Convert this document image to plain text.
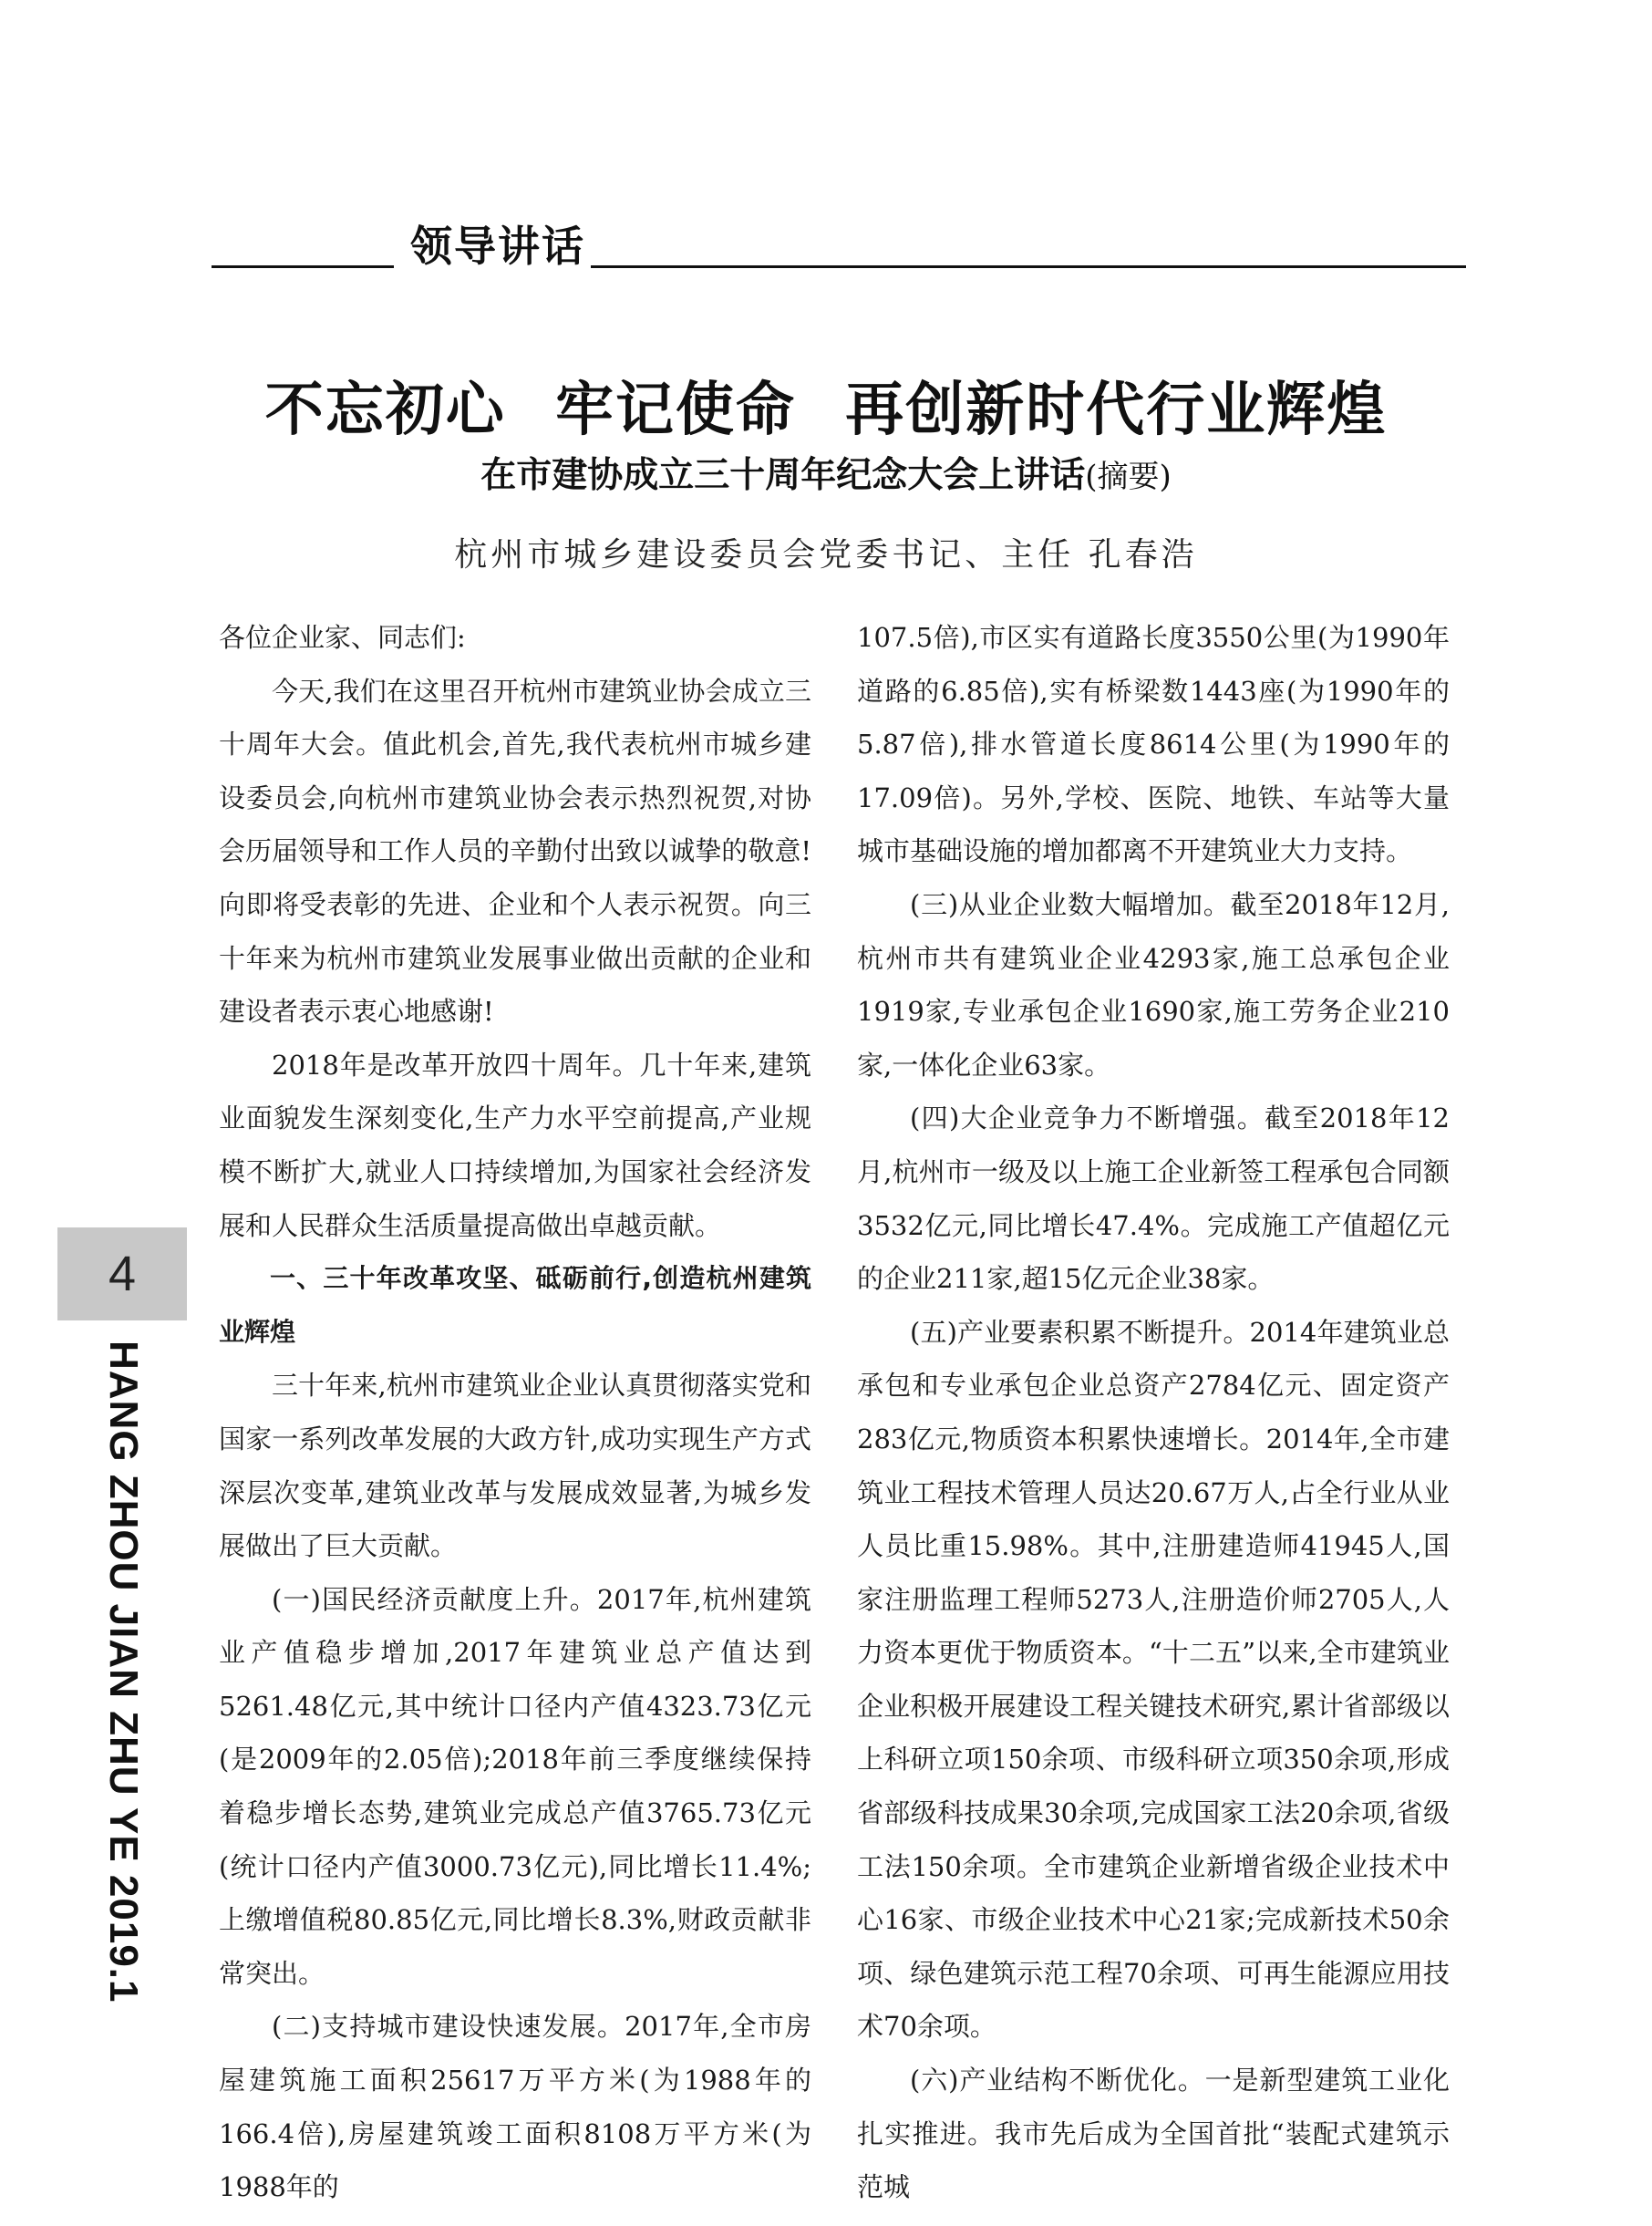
领导讲话
不忘初心 牢记使命 再创新时代行业辉煌
在市建协成立三十周年纪念大会上讲话(摘要)
杭州市城乡建设委员会党委书记、主任 孔春浩

各位企业家、同志们:

今天,我们在这里召开杭州市建筑业协会成立三十周年大会。值此机会,首先,我代表杭州市城乡建设委员会,向杭州市建筑业协会表示热烈祝贺,对协会历届领导和工作人员的辛勤付出致以诚挚的敬意!向即将受表彰的先进、企业和个人表示祝贺。向三十年来为杭州市建筑业发展事业做出贡献的企业和建设者表示衷心地感谢!

2018年是改革开放四十周年。几十年来,建筑业面貌发生深刻变化,生产力水平空前提高,产业规模不断扩大,就业人口持续增加,为国家社会经济发展和人民群众生活质量提高做出卓越贡献。

一、三十年改革攻坚、砥砺前行,创造杭州建筑业辉煌

三十年来,杭州市建筑业企业认真贯彻落实党和国家一系列改革发展的大政方针,成功实现生产方式深层次变革,建筑业改革与发展成效显著,为城乡发展做出了巨大贡献。

(一)国民经济贡献度上升。2017年,杭州建筑业产值稳步增加,2017年建筑业总产值达到5261.48亿元,其中统计口径内产值4323.73亿元(是2009年的2.05倍);2018年前三季度继续保持着稳步增长态势,建筑业完成总产值3765.73亿元(统计口径内产值3000.73亿元),同比增长11.4%;上缴增值税80.85亿元,同比增长8.3%,财政贡献非常突出。

(二)支持城市建设快速发展。2017年,全市房屋建筑施工面积25617万平方米(为1988年的166.4倍),房屋建筑竣工面积8108万平方米(为1988年的

107.5倍),市区实有道路长度3550公里(为1990年道路的6.85倍),实有桥梁数1443座(为1990年的5.87倍),排水管道长度8614公里(为1990年的17.09倍)。另外,学校、医院、地铁、车站等大量城市基础设施的增加都离不开建筑业大力支持。

(三)从业企业数大幅增加。截至2018年12月,杭州市共有建筑业企业4293家,施工总承包企业1919家,专业承包企业1690家,施工劳务企业210家,一体化企业63家。

(四)大企业竞争力不断增强。截至2018年12月,杭州市一级及以上施工企业新签工程承包合同额3532亿元,同比增长47.4%。完成施工产值超亿元的企业211家,超15亿元企业38家。

(五)产业要素积累不断提升。2014年建筑业总承包和专业承包企业总资产2784亿元、固定资产283亿元,物质资本积累快速增长。2014年,全市建筑业工程技术管理人员达20.67万人,占全行业从业人员比重15.98%。其中,注册建造师41945人,国家注册监理工程师5273人,注册造价师2705人,人力资本更优于物质资本。“十二五”以来,全市建筑业企业积极开展建设工程关键技术研究,累计省部级以上科研立项150余项、市级科研立项350余项,形成省部级科技成果30余项,完成国家工法20余项,省级工法150余项。全市建筑企业新增省级企业技术中心16家、市级企业技术中心21家;完成新技术50余项、绿色建筑示范工程70余项、可再生能源应用技术70余项。

(六)产业结构不断优化。一是新型建筑工业化扎实推进。我市先后成为全国首批“装配式建筑示范城

4
HANG ZHOU JIAN ZHU YE 2019.1
